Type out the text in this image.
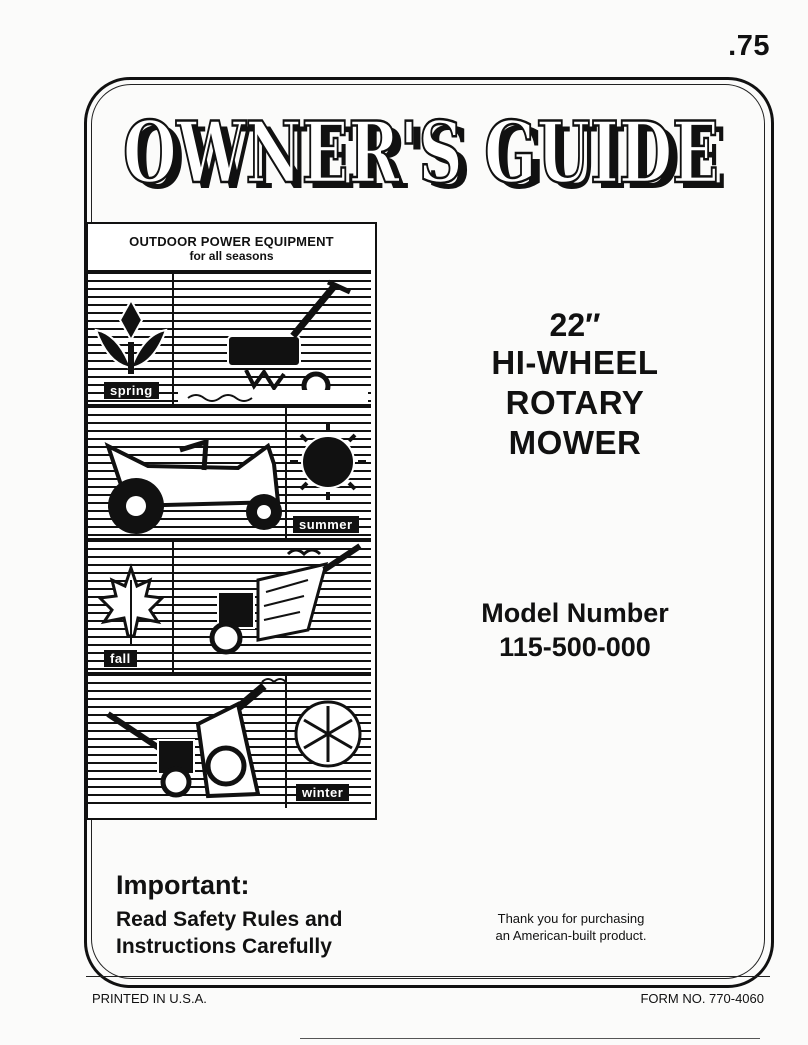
.75
OWNER'S GUIDE
OWNER'S GUIDE
OUTDOOR POWER EQUIPMENT
for all seasons
spring
summer
fall
winter
22″
HI-WHEEL
ROTARY
MOWER
Model Number
115-500-000
Important:
Read Safety Rules and
Instructions Carefully
Thank you for purchasing
an American-built product.
PRINTED IN U.S.A.	FORM NO. 770-4060
